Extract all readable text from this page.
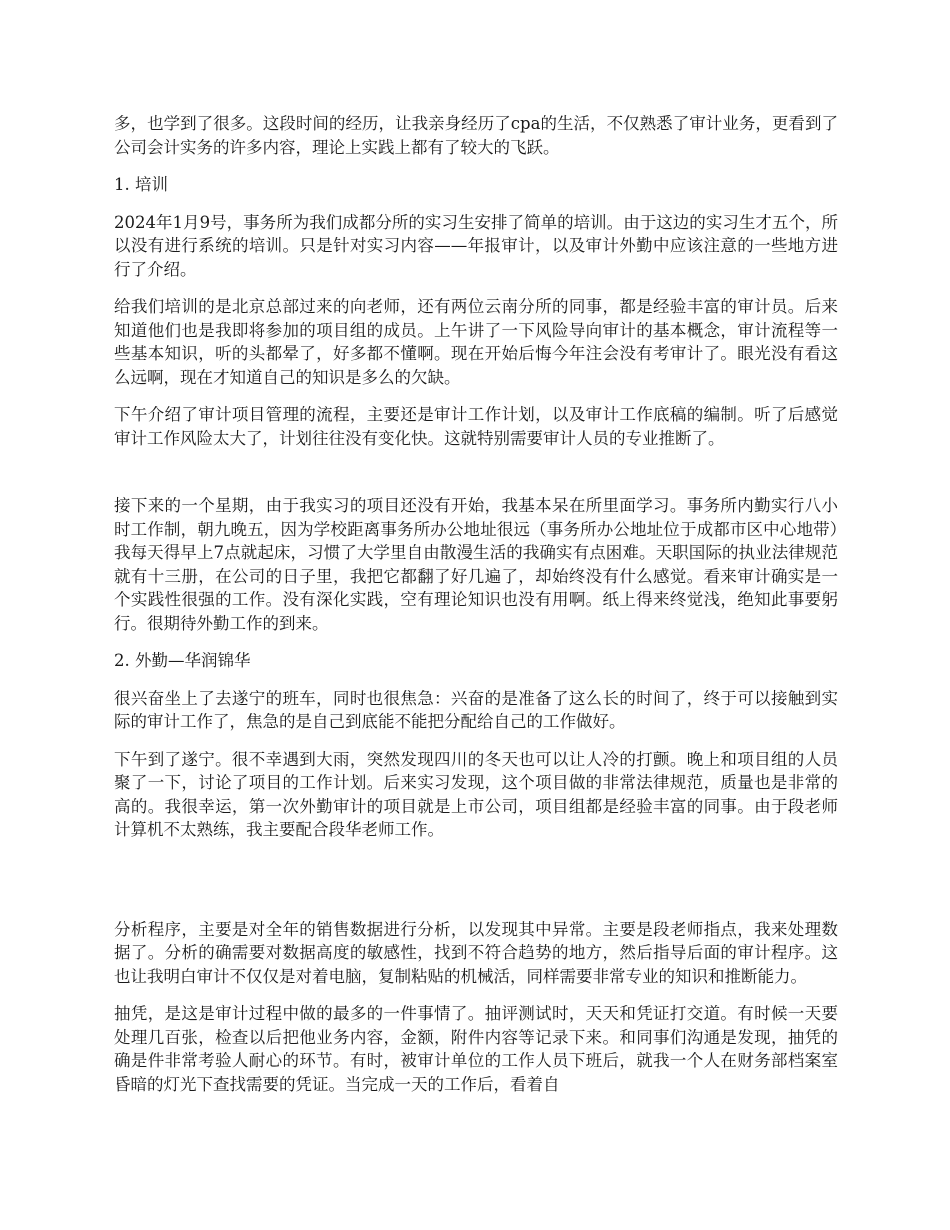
多，也学到了很多。这段时间的经历，让我亲身经历了cpa的生活，不仅熟悉了审计业务，更看到了公司会计实务的许多内容，理论上实践上都有了较大的飞跃。

1. 培训

2024年1月9号，事务所为我们成都分所的实习生安排了简单的培训。由于这边的实习生才五个，所以没有进行系统的培训。只是针对实习内容——年报审计，以及审计外勤中应该注意的一些地方进行了介绍。

给我们培训的是北京总部过来的向老师，还有两位云南分所的同事，都是经验丰富的审计员。后来知道他们也是我即将参加的项目组的成员。上午讲了一下风险导向审计的基本概念，审计流程等一些基本知识，听的头都晕了，好多都不懂啊。现在开始后悔今年注会没有考审计了。眼光没有看这么远啊，现在才知道自己的知识是多么的欠缺。

下午介绍了审计项目管理的流程，主要还是审计工作计划，以及审计工作底稿的编制。听了后感觉审计工作风险太大了，计划往往没有变化快。这就特别需要审计人员的专业推断了。

接下来的一个星期，由于我实习的项目还没有开始，我基本呆在所里面学习。事务所内勤实行八小时工作制，朝九晚五，因为学校距离事务所办公地址很远（事务所办公地址位于成都市区中心地带）我每天得早上7点就起床，习惯了大学里自由散漫生活的我确实有点困难。天职国际的执业法律规范就有十三册，在公司的日子里，我把它都翻了好几遍了，却始终没有什么感觉。看来审计确实是一个实践性很强的工作。没有深化实践，空有理论知识也没有用啊。纸上得来终觉浅，绝知此事要躬行。很期待外勤工作的到来。

2. 外勤—华润锦华

很兴奋坐上了去遂宁的班车，同时也很焦急：兴奋的是准备了这么长的时间了，终于可以接触到实际的审计工作了，焦急的是自己到底能不能把分配给自己的工作做好。

下午到了遂宁。很不幸遇到大雨，突然发现四川的冬天也可以让人冷的打颤。晚上和项目组的人员聚了一下，讨论了项目的工作计划。后来实习发现，这个项目做的非常法律规范，质量也是非常的高的。我很幸运，第一次外勤审计的项目就是上市公司，项目组都是经验丰富的同事。由于段老师计算机不太熟练，我主要配合段华老师工作。

分析程序，主要是对全年的销售数据进行分析，以发现其中异常。主要是段老师指点，我来处理数据了。分析的确需要对数据高度的敏感性，找到不符合趋势的地方，然后指导后面的审计程序。这也让我明白审计不仅仅是对着电脑，复制粘贴的机械活，同样需要非常专业的知识和推断能力。

抽凭，是这是审计过程中做的最多的一件事情了。抽评测试时，天天和凭证打交道。有时候一天要处理几百张，检查以后把他业务内容，金额，附件内容等记录下来。和同事们沟通是发现，抽凭的确是件非常考验人耐心的环节。有时，被审计单位的工作人员下班后，就我一个人在财务部档案室昏暗的灯光下查找需要的凭证。当完成一天的工作后，看着自
